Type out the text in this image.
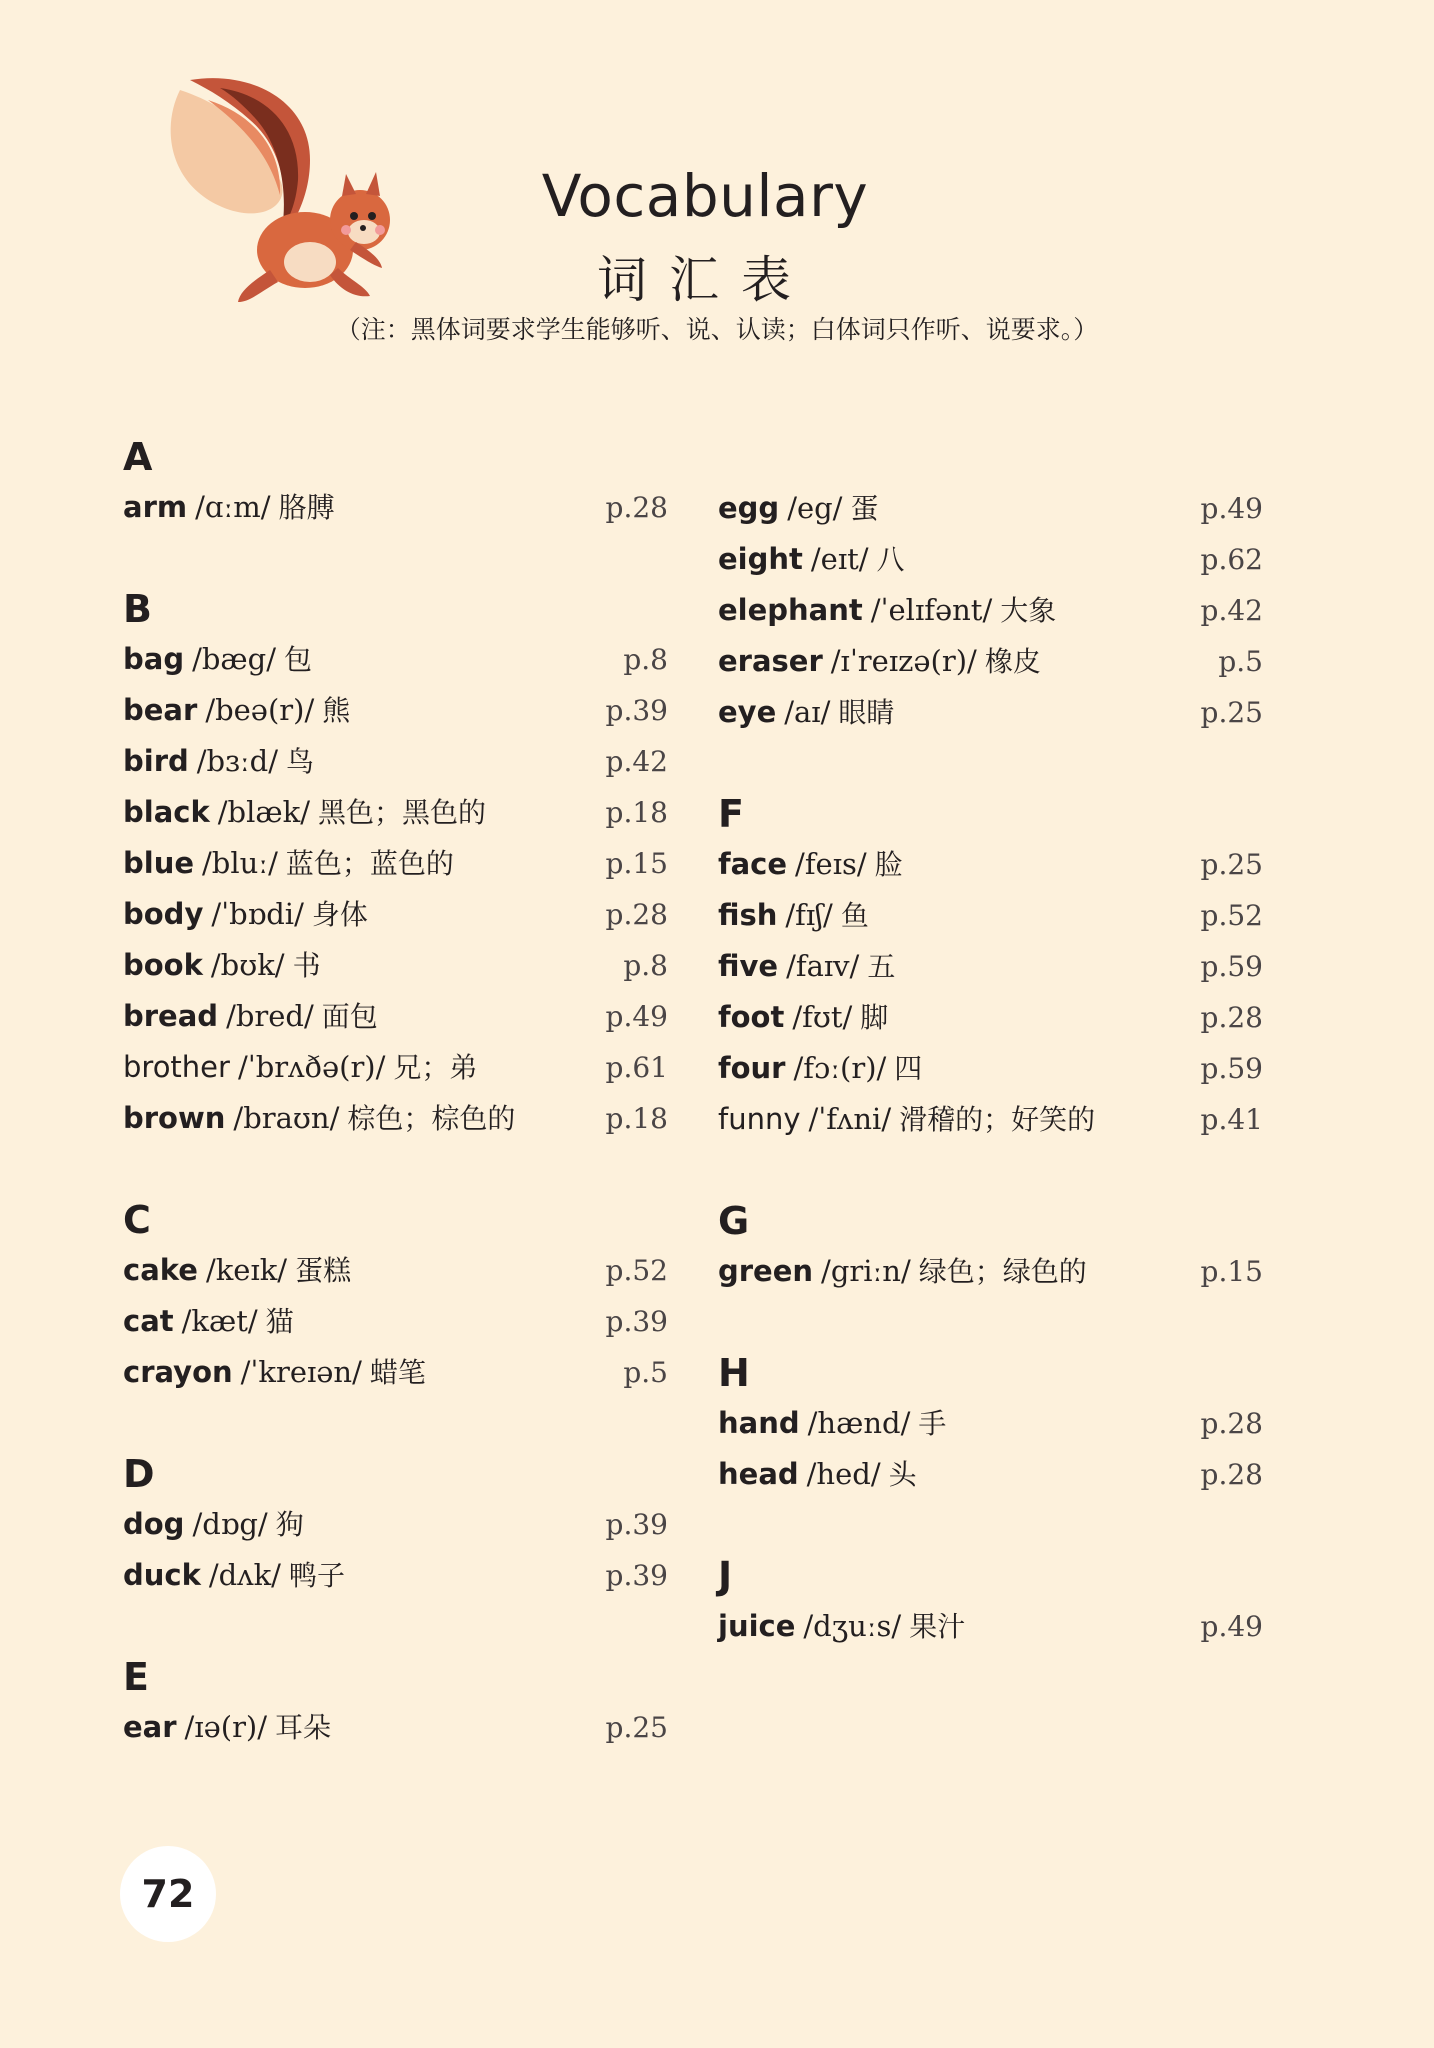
Vocabulary
词汇表
（注：黑体词要求学生能够听、说、认读；白体词只作听、说要求。）
A
arm /ɑːm/ 胳膊	p.28
B
bag /bæg/ 包	p.8
bear /beə(r)/ 熊	p.39
bird /bɜːd/ 鸟	p.42
black /blæk/ 黑色；黑色的	p.18
blue /bluː/ 蓝色；蓝色的	p.15
body /ˈbɒdi/ 身体	p.28
book /bʊk/ 书	p.8
bread /bred/ 面包	p.49
brother /ˈbrʌðə(r)/ 兄；弟	p.61
brown /braʊn/ 棕色；棕色的	p.18
C
cake /keɪk/ 蛋糕	p.52
cat /kæt/ 猫	p.39
crayon /ˈkreɪən/ 蜡笔	p.5
D
dog /dɒg/ 狗	p.39
duck /dʌk/ 鸭子	p.39
E
ear /ɪə(r)/ 耳朵	p.25
egg /eg/ 蛋	p.49
eight /eɪt/ 八	p.62
elephant /ˈelɪfənt/ 大象	p.42
eraser /ɪˈreɪzə(r)/ 橡皮	p.5
eye /aɪ/ 眼睛	p.25
F
face /feɪs/ 脸	p.25
fish /fɪʃ/ 鱼	p.52
five /faɪv/ 五	p.59
foot /fʊt/ 脚	p.28
four /fɔː(r)/ 四	p.59
funny /ˈfʌni/ 滑稽的；好笑的	p.41
G
green /griːn/ 绿色；绿色的	p.15
H
hand /hænd/ 手	p.28
head /hed/ 头	p.28
J
juice /dʒuːs/ 果汁	p.49
72
